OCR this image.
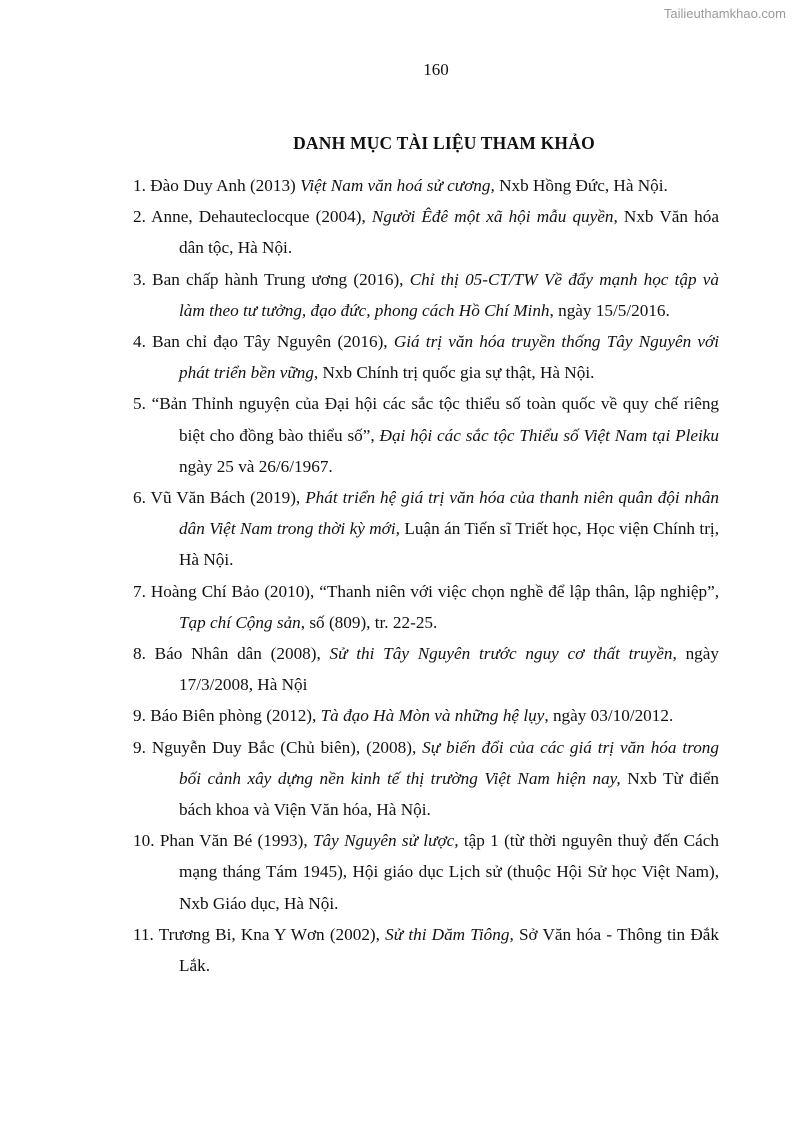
Tailieuthamkhao.com
160
DANH MỤC TÀI LIỆU THAM KHẢO
1. Đào Duy Anh (2013) Việt Nam văn hoá sử cương, Nxb Hồng Đức, Hà Nội.
2. Anne, Dehauteclocque (2004), Người Êđê một xã hội mẫu quyền, Nxb Văn hóa dân tộc, Hà Nội.
3. Ban chấp hành Trung ương (2016), Chỉ thị 05-CT/TW Về đẩy mạnh học tập và làm theo tư tưởng, đạo đức, phong cách Hồ Chí Minh, ngày 15/5/2016.
4. Ban chỉ đạo Tây Nguyên (2016), Giá trị văn hóa truyền thống Tây Nguyên với phát triển bền vững, Nxb Chính trị quốc gia sự thật, Hà Nội.
5. “Bản Thỉnh nguyện của Đại hội các sắc tộc thiểu số toàn quốc về quy chế riêng biệt cho đồng bào thiểu số”, Đại hội các sắc tộc Thiểu số Việt Nam tại Pleiku ngày 25 và 26/6/1967.
6. Vũ Văn Bách (2019), Phát triển hệ giá trị văn hóa của thanh niên quân đội nhân dân Việt Nam trong thời kỳ mới, Luận án Tiến sĩ Triết học, Học viện Chính trị, Hà Nội.
7. Hoàng Chí Bảo (2010), “Thanh niên với việc chọn nghề để lập thân, lập nghiệp”, Tạp chí Cộng sản, số (809), tr. 22-25.
8. Báo Nhân dân (2008), Sử thi Tây Nguyên trước nguy cơ thất truyền, ngày 17/3/2008, Hà Nội
9. Báo Biên phòng (2012), Tà đạo Hà Mòn và những hệ lụy, ngày 03/10/2012.
9. Nguyễn Duy Bắc (Chủ biên), (2008), Sự biến đổi của các giá trị văn hóa trong bối cảnh xây dựng nền kinh tế thị trường Việt Nam hiện nay, Nxb Từ điển bách khoa và Viện Văn hóa, Hà Nội.
10. Phan Văn Bé (1993), Tây Nguyên sử lược, tập 1 (từ thời nguyên thuỷ đến Cách mạng tháng Tám 1945), Hội giáo dục Lịch sử (thuộc Hội Sử học Việt Nam), Nxb Giáo dục, Hà Nội.
11. Trương Bi, Kna Y Wơn (2002), Sử thi Dăm Tiông, Sở Văn hóa - Thông tin Đắk Lắk.
